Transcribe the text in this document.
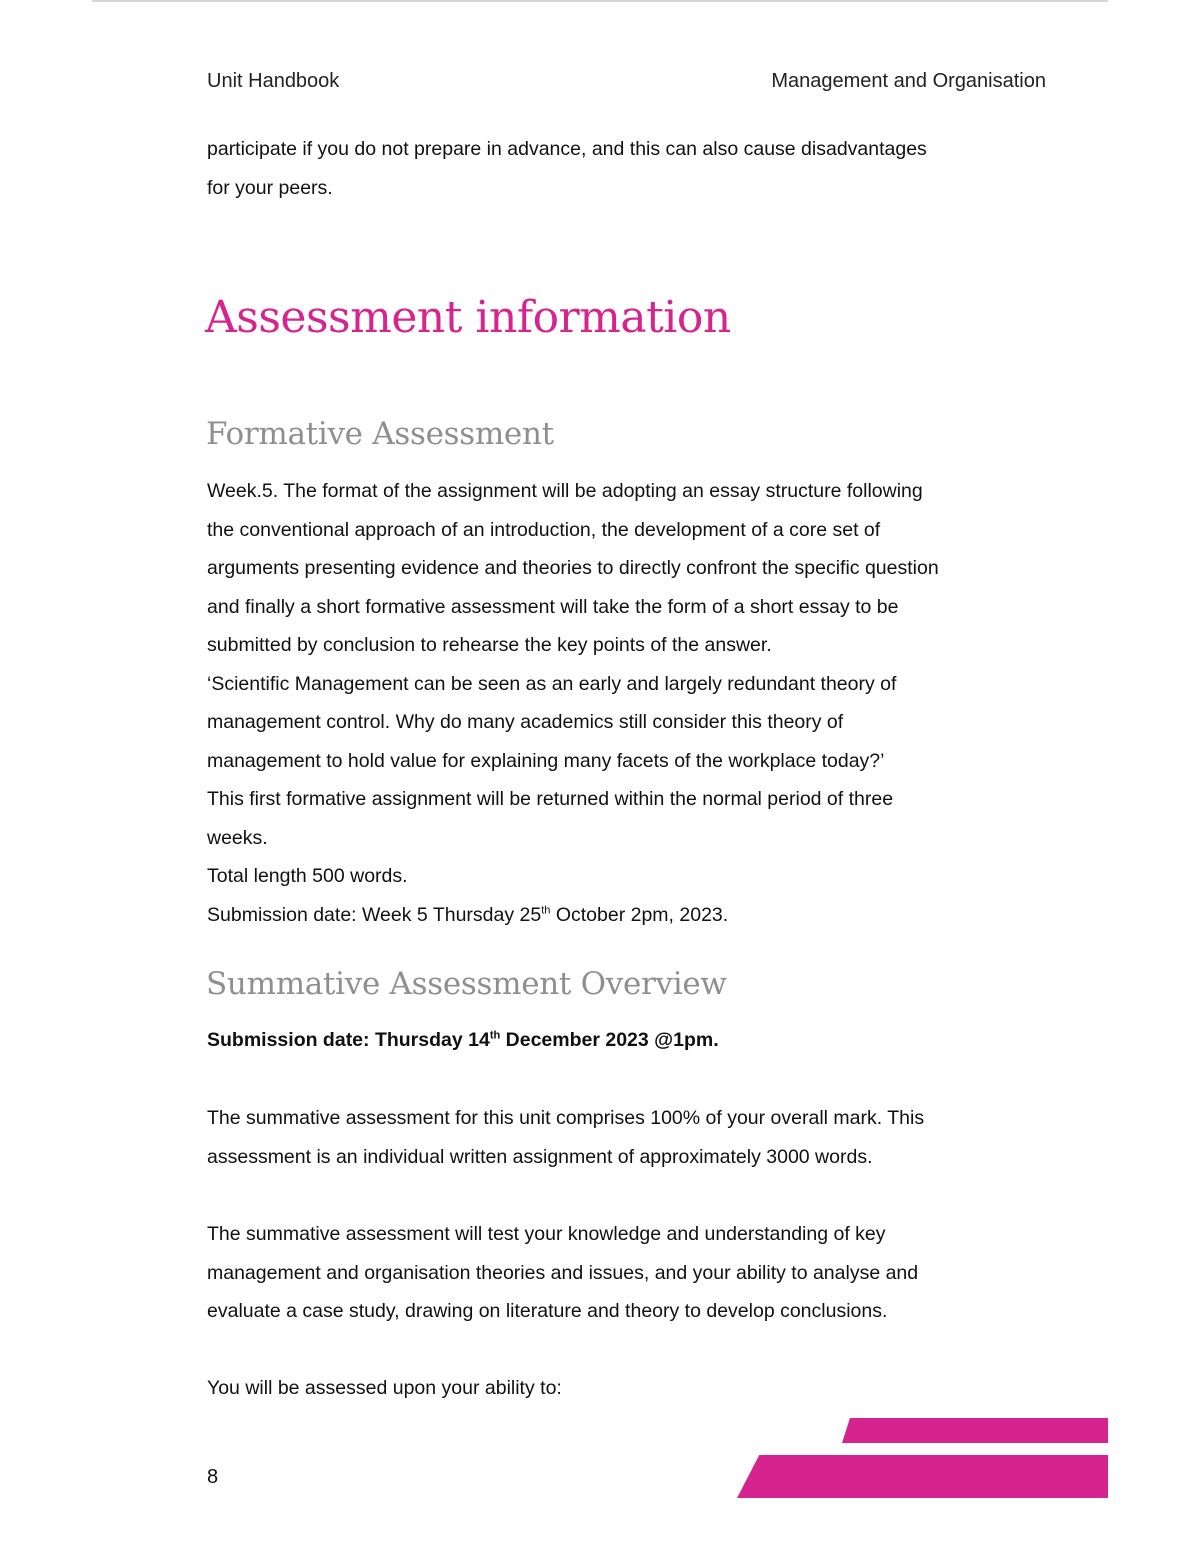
Unit Handbook	Management and Organisation

participate if you do not prepare in advance, and this can also cause disadvantages

for your peers.

Assessment information
Formative Assessment

Week.5. The format of the assignment will be adopting an essay structure following

the conventional approach of an introduction, the development of a core set of

arguments presenting evidence and theories to directly confront the specific question

and finally a short formative assessment will take the form of a short essay to be

submitted by conclusion to rehearse the key points of the answer.

‘Scientific Management can be seen as an early and largely redundant theory of

management control. Why do many academics still consider this theory of

management to hold value for explaining many facets of the workplace today?’

This first formative assignment will be returned within the normal period of three

weeks.

Total length 500 words.

Submission date: Week 5 Thursday 25th October 2pm, 2023.

Summative Assessment Overview

Submission date: Thursday 14th December 2023 @1pm.

The summative assessment for this unit comprises 100% of your overall mark. This

assessment is an individual written assignment of approximately 3000 words.

The summative assessment will test your knowledge and understanding of key

management and organisation theories and issues, and your ability to analyse and

evaluate a case study, drawing on literature and theory to develop conclusions.

You will be assessed upon your ability to:

8
